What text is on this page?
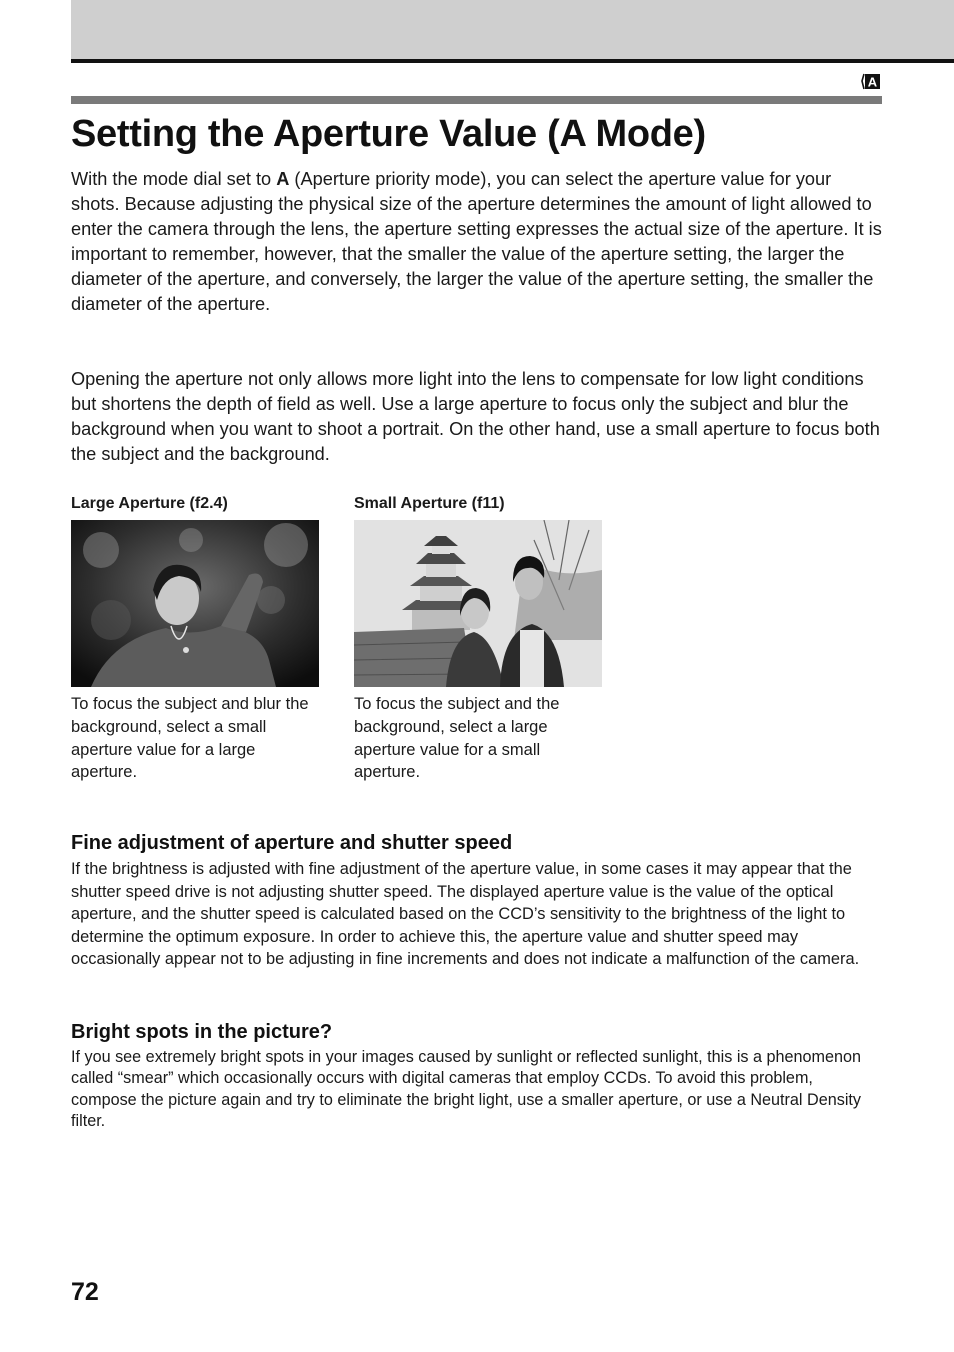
A
Setting the Aperture Value (A Mode)

With the mode dial set to A (Aperture priority mode), you can select the aperture value for your shots. Because adjusting the physical size of the aperture determines the amount of light allowed to enter the camera through the lens, the aperture setting expresses the actual size of the aperture. It is important to remember, however, that the smaller the value of the aperture setting, the larger the diameter of the aperture, and conversely, the larger the value of the aperture setting, the smaller the diameter of the aperture.

Opening the aperture not only allows more light into the lens to compensate for low light conditions but shortens the depth of field as well. Use a large aperture to focus only the subject and blur the background when you want to shoot a portrait. On the other hand, use a small aperture to focus both the subject and the background.

Large Aperture (f2.4)

To focus the subject and blur the background, select a small aperture value for a large aperture.

Small Aperture (f11)

To focus the subject and the background, select a large aperture value for a small aperture.

Fine adjustment of aperture and shutter speed

If the brightness is adjusted with fine adjustment of the aperture value, in some cases it may appear that the shutter speed drive is not adjusting shutter speed. The displayed aperture value is the value of the optical aperture, and the shutter speed is calculated based on the CCD’s sensitivity to the brightness of the light to determine the optimum exposure. In order to achieve this, the aperture value and shutter speed may occasionally appear not to be adjusting in fine increments and does not indicate a malfunction of the camera.

Bright spots in the picture?

If you see extremely bright spots in your images caused by sunlight or reflected sunlight, this is a phenomenon called “smear” which occasionally occurs with digital cameras that employ CCDs. To avoid this problem, compose the picture again and try to eliminate the bright light, use a smaller aperture, or use a Neutral Density filter.

72
